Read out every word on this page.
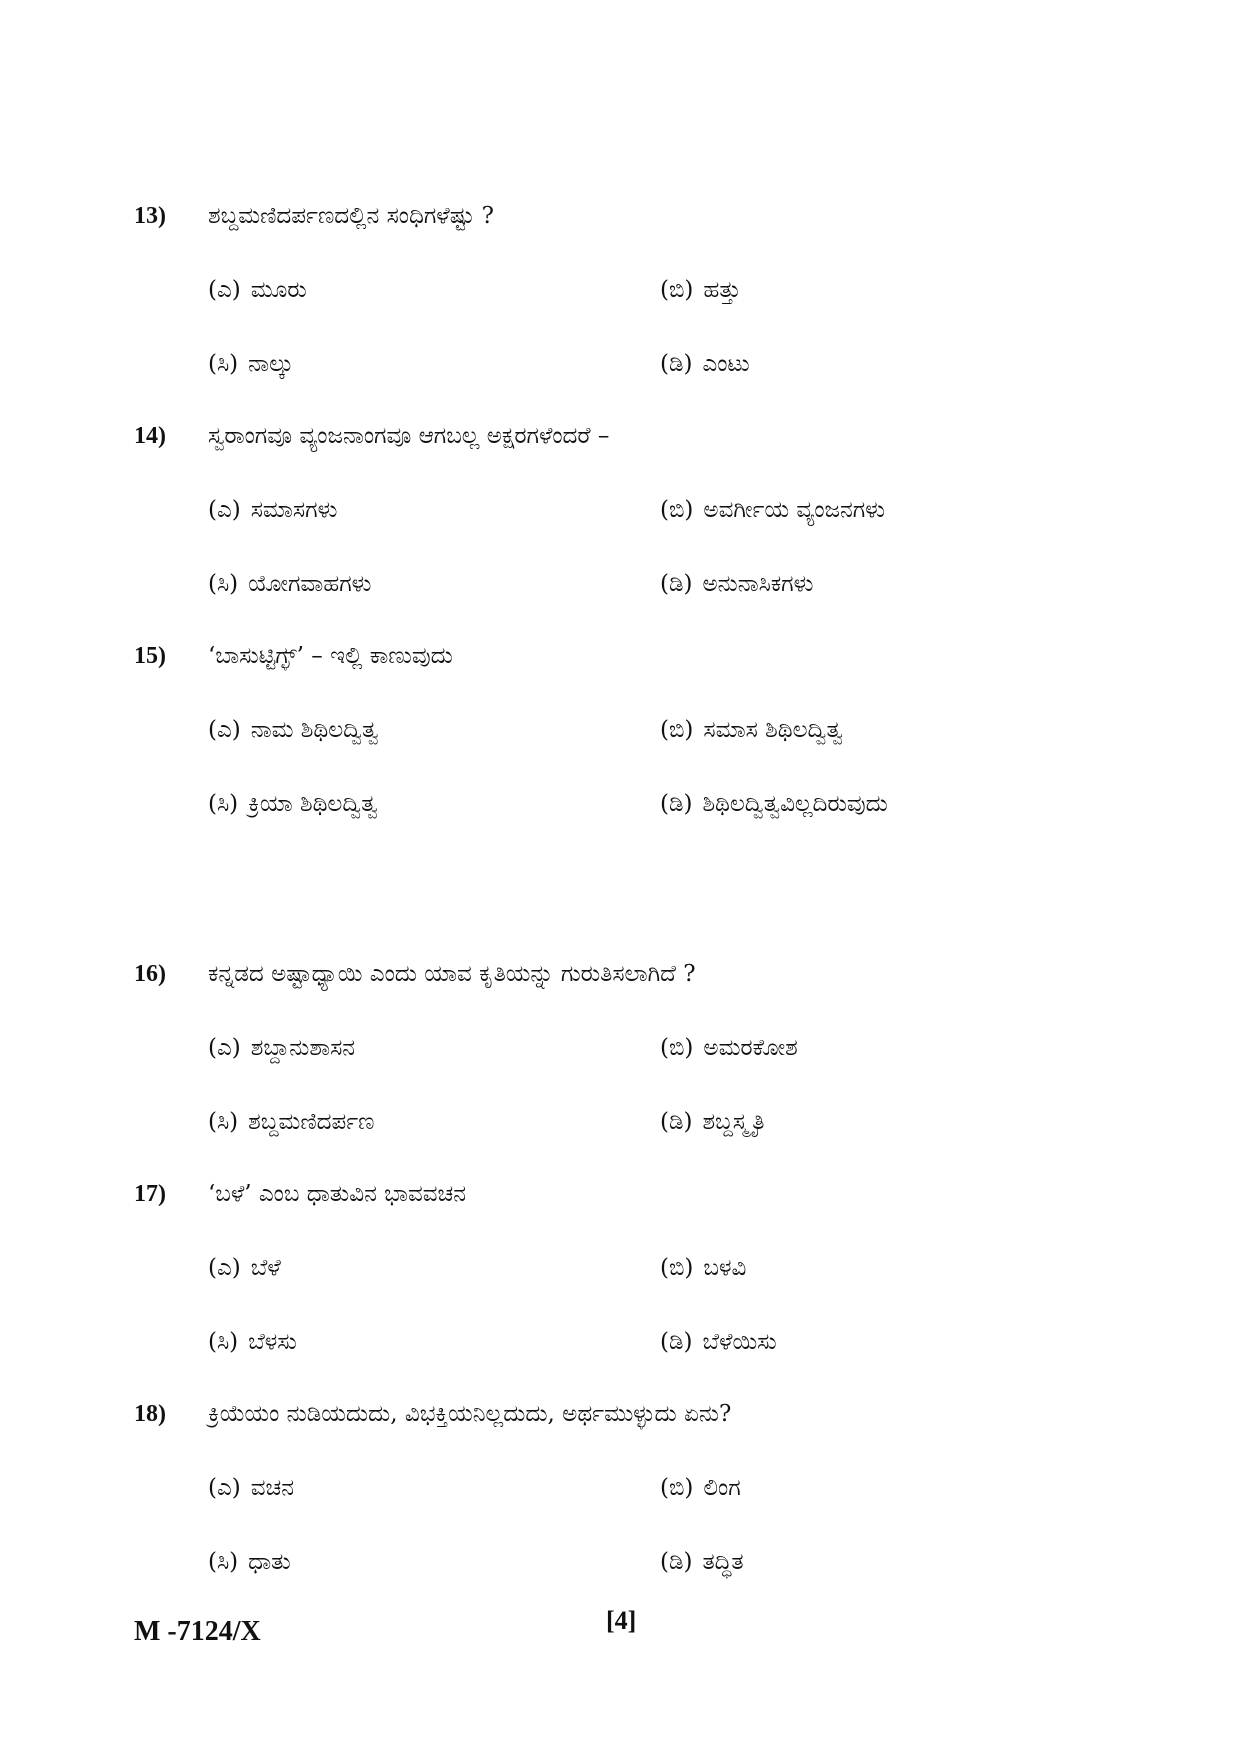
13) ಶಬ್ದಮಣಿದರ್ಪಣದಲ್ಲಿನ ಸಂಧಿಗಳೆಷ್ಟು ?
(ಎ) ಮೂರು	(ಬಿ) ಹತ್ತು
(ಸಿ) ನಾಲ್ಕು	(ಡಿ) ಎಂಟು
14) ಸ್ವರಾಂಗವೂ ವ್ಯಂಜನಾಂಗವೂ ಆಗಬಲ್ಲ ಅಕ್ಷರಗಳೆಂದರೆ –
(ಎ) ಸಮಾಸಗಳು	(ಬಿ) ಅವರ್ಗೀಯ ವ್ಯಂಜನಗಳು
(ಸಿ) ಯೋಗವಾಹಗಳು	(ಡಿ) ಅನುನಾಸಿಕಗಳು
15) ‘ಬಾಸುಟ್ಟಿಗ್ಳ್’ – ಇಲ್ಲಿ ಕಾಣುವುದು
(ಎ) ನಾಮ ಶಿಥಿಲದ್ವಿತ್ವ	(ಬಿ) ಸಮಾಸ ಶಿಥಿಲದ್ವಿತ್ವ
(ಸಿ) ಕ್ರಿಯಾ ಶಿಥಿಲದ್ವಿತ್ವ	(ಡಿ) ಶಿಥಿಲದ್ವಿತ್ವವಿಲ್ಲದಿರುವುದು
16) ಕನ್ನಡದ ಅಷ್ಟಾಧ್ಯಾಯಿ ಎಂದು ಯಾವ ಕೃತಿಯನ್ನು ಗುರುತಿಸಲಾಗಿದೆ ?
(ಎ) ಶಬ್ದಾನುಶಾಸನ	(ಬಿ) ಅಮರಕೋಶ
(ಸಿ) ಶಬ್ದಮಣಿದರ್ಪಣ	(ಡಿ) ಶಬ್ದಸ್ಮೃತಿ
17) ‘ಬಳೆ’ ಎಂಬ ಧಾತುವಿನ ಭಾವವಚನ
(ಎ) ಬೆಳೆ	(ಬಿ) ಬಳವಿ
(ಸಿ) ಬೆಳಸು	(ಡಿ) ಬೆಳೆಯಿಸು
18) ಕ್ರಿಯೆಯಂ ನುಡಿಯದುದು, ವಿಭಕ್ತಿಯನಿಲ್ಲದುದು, ಅರ್ಥಮುಳ್ಳುದು ಏನು?
(ಎ) ವಚನ	(ಬಿ) ಲಿಂಗ
(ಸಿ) ಧಾತು	(ಡಿ) ತದ್ಧಿತ
M -7124/X	[4]
